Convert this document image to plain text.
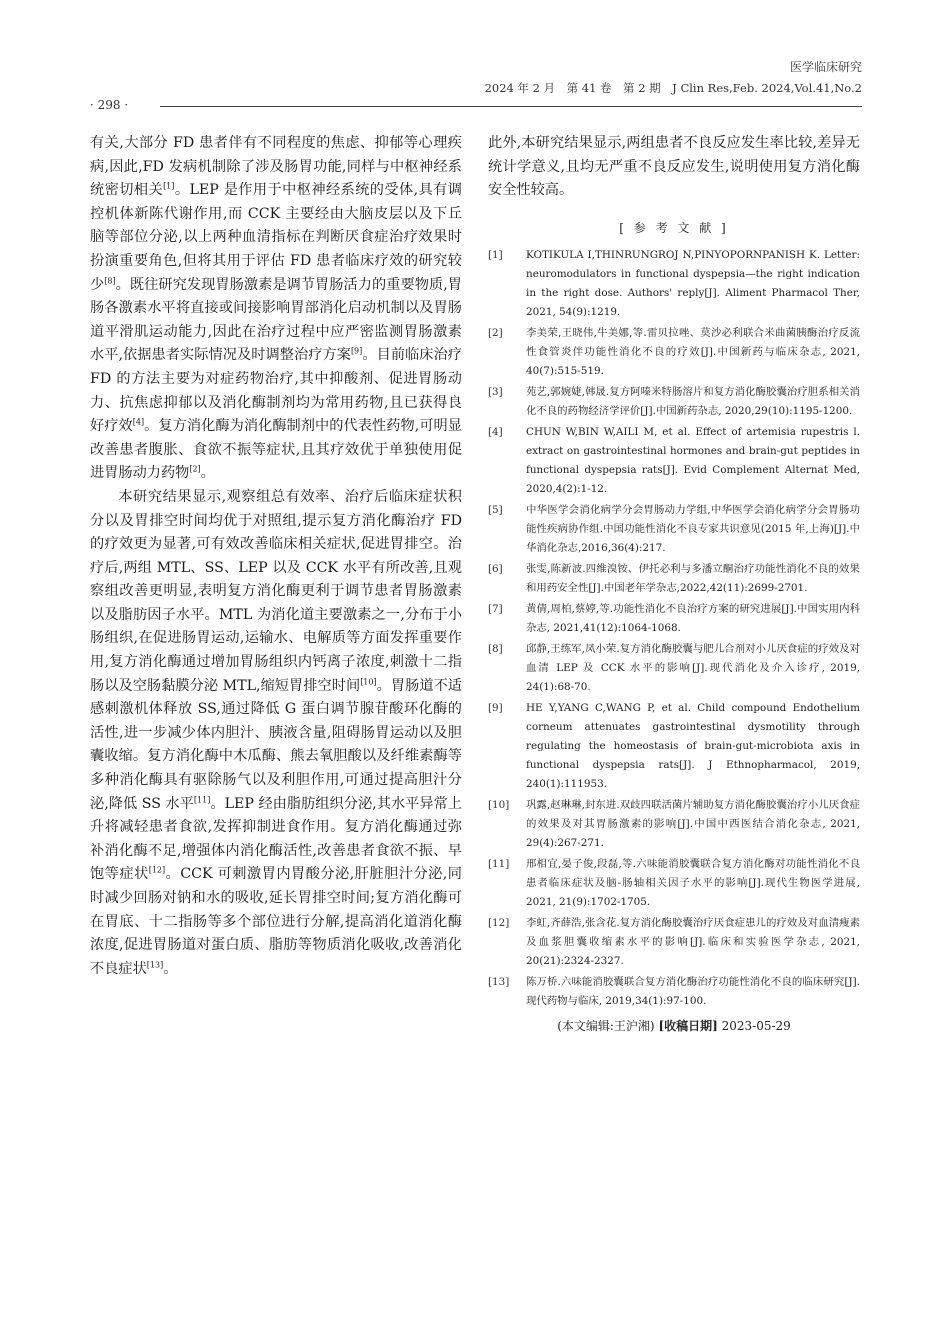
医学临床研究
2024 年 2 月　第 41 卷　第 2 期　J Clin Res,Feb. 2024,Vol.41,No.2
· 298 ·

有关,大部分 FD 患者伴有不同程度的焦虑、抑郁等心理疾病,因此,FD 发病机制除了涉及肠胃功能,同样与中枢神经系统密切相关[1]。LEP 是作用于中枢神经系统的受体,具有调控机体新陈代谢作用,而 CCK 主要经由大脑皮层以及下丘脑等部位分泌,以上两种血清指标在判断厌食症治疗效果时扮演重要角色,但将其用于评估 FD 患者临床疗效的研究较少[8]。既往研究发现胃肠激素是调节胃肠活力的重要物质,胃肠各激素水平将直接或间接影响胃部消化启动机制以及胃肠道平滑肌运动能力,因此在治疗过程中应严密监测胃肠激素水平,依据患者实际情况及时调整治疗方案[9]。目前临床治疗 FD 的方法主要为对症药物治疗,其中抑酸剂、促进胃肠动力、抗焦虑抑郁以及消化酶制剂均为常用药物,且已获得良好疗效[4]。复方消化酶为消化酶制剂中的代表性药物,可明显改善患者腹胀、食欲不振等症状,且其疗效优于单独使用促进胃肠动力药物[2]。

本研究结果显示,观察组总有效率、治疗后临床症状积分以及胃排空时间均优于对照组,提示复方消化酶治疗 FD 的疗效更为显著,可有效改善临床相关症状,促进胃排空。治疗后,两组 MTL、SS、LEP 以及 CCK 水平有所改善,且观察组改善更明显,表明复方消化酶更利于调节患者胃肠激素以及脂肪因子水平。MTL 为消化道主要激素之一,分布于小肠组织,在促进肠胃运动,运输水、电解质等方面发挥重要作用,复方消化酶通过增加胃肠组织内钙离子浓度,刺激十二指肠以及空肠黏膜分泌 MTL,缩短胃排空时间[10]。胃肠道不适感刺激机体释放 SS,通过降低 G 蛋白调节腺苷酸环化酶的活性,进一步减少体内胆汁、胰液含量,阻碍肠胃运动以及胆囊收缩。复方消化酶中木瓜酶、熊去氧胆酸以及纤维素酶等多种消化酶具有驱除肠气以及利胆作用,可通过提高胆汁分泌,降低 SS 水平[11]。LEP 经由脂肪组织分泌,其水平异常上升将减轻患者食欲,发挥抑制进食作用。复方消化酶通过弥补消化酶不足,增强体内消化酶活性,改善患者食欲不振、早饱等症状[12]。CCK 可刺激胃内胃酸分泌,肝脏胆汁分泌,同时减少回肠对钠和水的吸收,延长胃排空时间;复方消化酶可在胃底、十二指肠等多个部位进行分解,提高消化道消化酶浓度,促进胃肠道对蛋白质、脂肪等物质消化吸收,改善消化不良症状[13]。

此外,本研究结果显示,两组患者不良反应发生率比较,差异无统计学意义,且均无严重不良反应发生,说明使用复方消化酶安全性较高。

[ 参 考 文 献 ]
[1]	KOTIKULA I,THINRUNGROJ N,PINYOPORNPANISH K. Letter: neuromodulators in functional dyspepsia—the right indication in the right dose. Authors' reply[J]. Aliment Pharmacol Ther, 2021, 54(9):1219.
[2]	李美荣,王晓伟,牛美娜,等.雷贝拉唑、莫沙必利联合米曲菌胰酶治疗反流性食管炎伴功能性消化不良的疗效[J].中国新药与临床杂志, 2021, 40(7):515-519.
[3]	苑艺,郭婉婕,韩晟.复方阿嗪米特肠溶片和复方消化酶胶囊治疗胆系相关消化不良的药物经济学评价[J].中国新药杂志, 2020,29(10):1195-1200.
[4]	CHUN W,BIN W,AILI M, et al. Effect of artemisia rupestris l. extract on gastrointestinal hormones and brain-gut peptides in functional dyspepsia rats[J]. Evid Complement Alternat Med, 2020,4(2):1-12.
[5]	中华医学会消化病学分会胃肠动力学组,中华医学会消化病学分会胃肠功能性疾病协作组.中国功能性消化不良专家共识意见(2015 年,上海)[J].中华消化杂志,2016,36(4):217.
[6]	张雯,陈新波.四维溴铵、伊托必利与多潘立酮治疗功能性消化不良的效果和用药安全性[J].中国老年学杂志,2022,42(11):2699-2701.
[7]	黄倩,周柏,蔡婷,等.功能性消化不良治疗方案的研究进展[J].中国实用内科杂志, 2021,41(12):1064-1068.
[8]	邱静,王练军,凤小荣.复方消化酶胶囊与肥儿合剂对小儿厌食症的疗效及对血清 LEP 及 CCK 水平的影响[J].现代消化及介入诊疗, 2019, 24(1):68-70.
[9]	HE Y,YANG C,WANG P, et al. Child compound Endothelium corneum attenuates gastrointestinal dysmotility through regulating the homeostasis of brain-gut-microbiota axis in functional dyspepsia rats[J]. J Ethnopharmacol, 2019, 240(1):111953.
[10]	巩露,赵琳琳,封东进.双歧四联活菌片辅助复方消化酶胶囊治疗小儿厌食症的效果及对其胃肠激素的影响[J].中国中西医结合消化杂志, 2021, 29(4):267-271.
[11]	邢相宜,晏子俊,段磊,等.六味能消胶囊联合复方消化酶对功能性消化不良患者临床症状及脑-肠轴相关因子水平的影响[J].现代生物医学进展, 2021, 21(9):1702-1705.
[12]	李虹,齐薛浩,张含花.复方消化酶胶囊治疗厌食症患儿的疗效及对血清瘦素及血浆胆囊收缩素水平的影响[J].临床和实验医学杂志, 2021, 20(21):2324-2327.
[13]	陈万桥.六味能消胶囊联合复方消化酶治疗功能性消化不良的临床研究[J].现代药物与临床, 2019,34(1):97-100.
(本文编辑:王沪湘) [收稿日期] 2023-05-29
